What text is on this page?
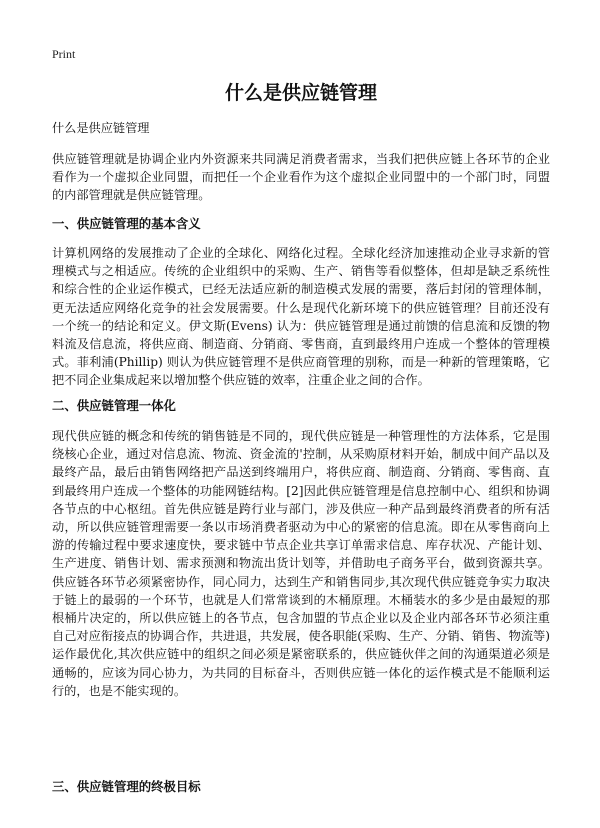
Print
什么是供应链管理

什么是供应链管理

供应链管理就是协调企业内外资源来共同满足消费者需求，当我们把供应链上各环节的企业看作为一个虚拟企业同盟，而把任一个企业看作为这个虚拟企业同盟中的一个部门时，同盟的内部管理就是供应链管理。

一、供应链管理的基本含义

计算机网络的发展推动了企业的全球化、网络化过程。全球化经济加速推动企业寻求新的管理模式与之相适应。传统的企业组织中的采购、生产、销售等看似整体，但却是缺乏系统性和综合性的企业运作模式，已经无法适应新的制造模式发展的需要，落后封闭的管理体制，更无法适应网络化竞争的社会发展需要。什么是现代化新环境下的供应链管理？目前还没有一个统一的结论和定义。伊文斯(Evens) 认为：供应链管理是通过前馈的信息流和反馈的物料流及信息流，将供应商、制造商、分销商、零售商，直到最终用户连成一个整体的管理模式。菲利浦(Phillip) 则认为供应链管理不是供应商管理的别称，而是一种新的管理策略，它把不同企业集成起来以增加整个供应链的效率，注重企业之间的合作。

二、供应链管理一体化

现代供应链的概念和传统的销售链是不同的，现代供应链是一种管理性的方法体系，它是围绕核心企业，通过对信息流、物流、资金流的'控制，从采购原材料开始，制成中间产品以及最终产品，最后由销售网络把产品送到终端用户，将供应商、制造商、分销商、零售商、直到最终用户连成一个整体的功能网链结构。[2]因此供应链管理是信息控制中心、组织和协调各节点的中心枢纽。首先供应链是跨行业与部门，涉及供应一种产品到最终消费者的所有活动，所以供应链管理需要一条以市场消费者驱动为中心的紧密的信息流。即在从零售商向上游的传输过程中要求速度快，要求链中节点企业共享订单需求信息、库存状况、产能计划、生产进度、销售计划、需求预测和物流出货计划等，并借助电子商务平台，做到资源共享。供应链各环节必须紧密协作，同心同力，达到生产和销售同步,其次现代供应链竞争实力取决于链上的最弱的一个环节，也就是人们常常谈到的木桶原理。木桶装水的多少是由最短的那根桶片决定的，所以供应链上的各节点，包含加盟的节点企业以及企业内部各环节必须注重自己对应衔接点的协调合作，共进退，共发展，使各职能(采购、生产、分销、销售、物流等)运作最优化,其次供应链中的组织之间必须是紧密联系的，供应链伙伴之间的沟通渠道必须是通畅的，应该为同心协力，为共同的目标奋斗，否则供应链一体化的运作模式是不能顺利运行的，也是不能实现的。

三、供应链管理的终极目标
